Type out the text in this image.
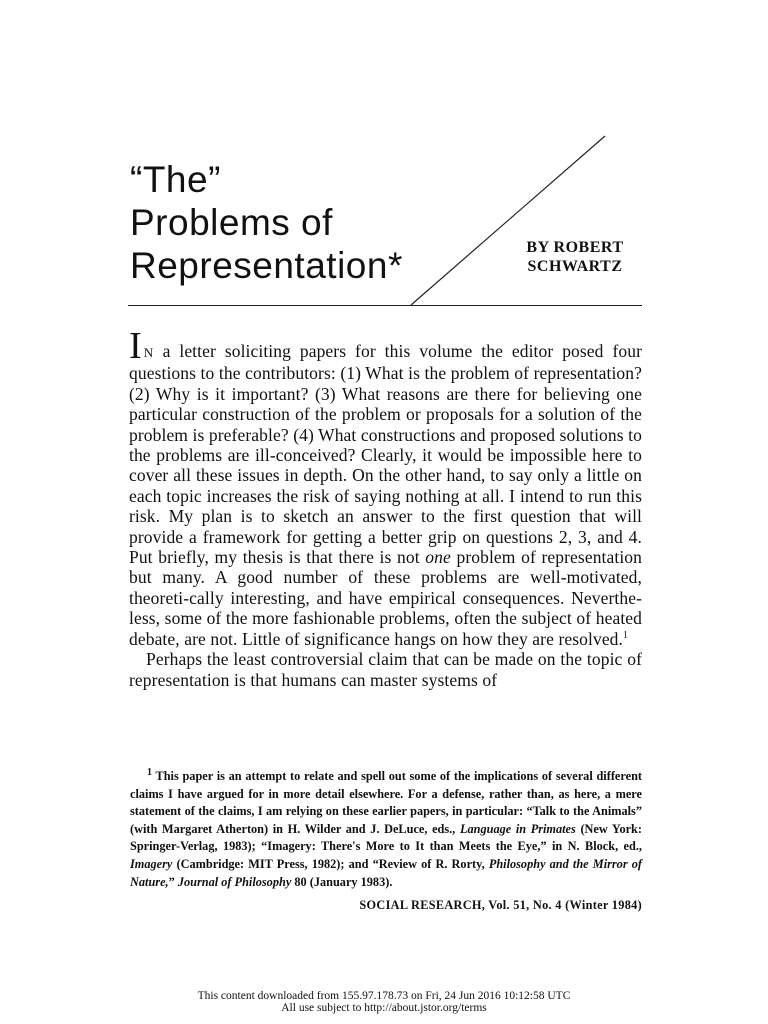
“The”
Problems of
Representation*	BY ROBERT
SCHWARTZ

I N a letter soliciting papers for this volume the editor posed four questions to the contributors: (1) What is the problem of representation? (2) Why is it important? (3) What reasons are there for believing one particular construction of the problem or proposals for a solution of the problem is preferable? (4) What constructions and proposed solutions to the problems are ill-conceived? Clearly, it would be impossible here to cover all these issues in depth. On the other hand, to say only a little on each topic increases the risk of saying nothing at all. I intend to run this risk. My plan is to sketch an answer to the first question that will provide a framework for getting a better grip on questions 2, 3, and 4. Put briefly, my thesis is that there is not one problem of representation but many. A good number of these problems are well-motivated, theoreti-cally interesting, and have empirical consequences. Neverthe-less, some of the more fashionable problems, often the subject of heated debate, are not. Little of significance hangs on how they are resolved.$^1$

Perhaps the least controversial claim that can be made on the topic of representation is that humans can master systems of

$^1$ This paper is an attempt to relate and spell out some of the implications of several different claims I have argued for in more detail elsewhere. For a defense, rather than, as here, a mere statement of the claims, I am relying on these earlier papers, in particular: “Talk to the Animals” (with Margaret Atherton) in H. Wilder and J. DeLuce, eds., Language in Primates (New York: Springer-Verlag, 1983); “Imagery: There's More to It than Meets the Eye,” in N. Block, ed., Imagery (Cambridge: MIT Press, 1982); and “Review of R. Rorty, Philosophy and the Mirror of Nature,” Journal of Philosophy 80 (January 1983).

SOCIAL RESEARCH, Vol. 51, No. 4 (Winter 1984)
This content downloaded from 155.97.178.73 on Fri, 24 Jun 2016 10:12:58 UTC
All use subject to http://about.jstor.org/terms
